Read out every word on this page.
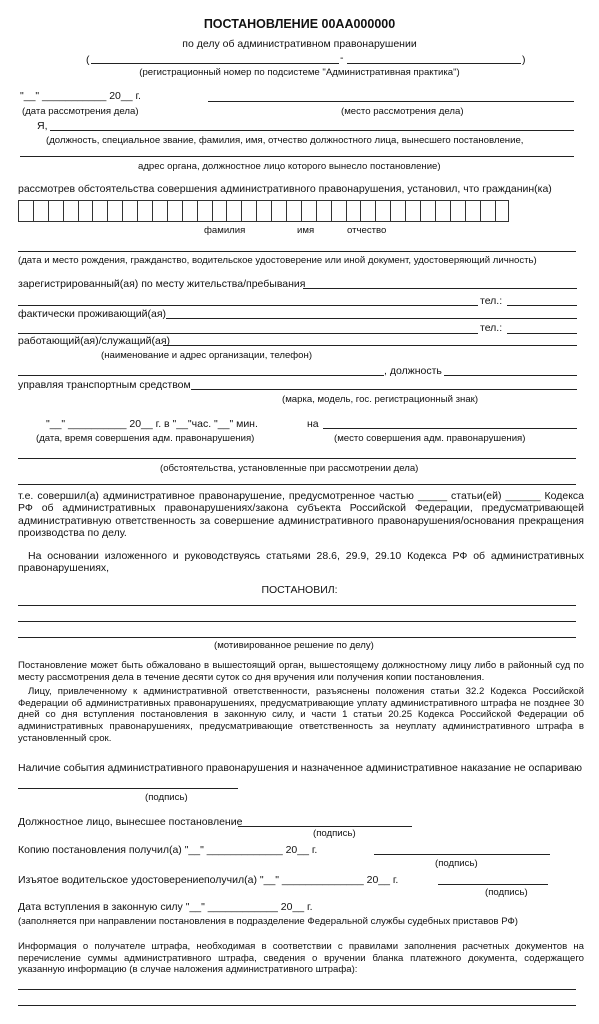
ПОСТАНОВЛЕНИЕ 00АА000000
по делу об административном правонарушении
(	-	)
(регистрационный номер по подсистеме "Административная практика")
"__" ___________ 20__ г.
(дата рассмотрения дела)	(место рассмотрения дела)
Я,
(должность, специальное звание, фамилия, имя, отчество должностного лица, вынесшего постановление,
адрес органа, должностное лицо которого вынесло постановление)
рассмотрев обстоятельства совершения административного правонарушения, установил, что гражданин(ка)
фамилия	имя	отчество
(дата и место рождения, гражданство, водительское удостоверение или иной документ, удостоверяющий личность)
зарегистрированный(ая) по месту жительства/пребывания
тел.:
фактически проживающий(ая)
тел.:
работающий(ая)/служащий(ая)
(наименование и адрес организации, телефон)
, должность
управляя транспортным средством
(марка, модель, гос. регистрационный знак)
"__" __________ 20__ г. в "__"час. "__" мин.	на
(дата, время совершения адм. правонарушения)	(место совершения адм. правонарушения)
(обстоятельства, установленные при рассмотрении дела)
т.е. совершил(а) административное правонарушение, предусмотренное частью _____ статьи(ей) ______ Кодекса РФ об административных правонарушениях/закона субъекта Российской Федерации, предусматривающей административную ответственность за совершение административного правонарушения/основания прекращения производства по делу.
На основании изложенного и руководствуясь статьями 28.6, 29.9, 29.10 Кодекса РФ об административных правонарушениях,
ПОСТАНОВИЛ:
(мотивированное решение по делу)
Постановление может быть обжаловано в вышестоящий орган, вышестоящему должностному лицу либо в районный суд по месту рассмотрения дела в течение десяти суток со дня вручения или получения копии постановления.
Лицу, привлеченному к административной ответственности, разъяснены положения статьи 32.2 Кодекса Российской Федерации об административных правонарушениях, предусматривающие уплату административного штрафа не позднее 30 дней со дня вступления постановления в законную силу, и части 1 статьи 20.25 Кодекса Российской Федерации об административных правонарушениях, предусматривающие ответственность за неуплату административного штрафа в установленный срок.
Наличие события административного правонарушения и назначенное административное наказание не оспариваю
(подпись)
Должностное лицо, вынесшее постановление
(подпись)
Копию постановления получил(а) "__" _____________ 20__ г.
(подпись)
Изъятое водительское удостоверение получил(а) "__" ______________ 20__ г.
(подпись)
Дата вступления в законную силу "__" ____________ 20__ г.
(заполняется при направлении постановления в подразделение Федеральной службы судебных приставов РФ)
Информация о получателе штрафа, необходимая в соответствии с правилами заполнения расчетных документов на перечисление суммы административного штрафа, сведения о вручении бланка платежного документа, содержащего указанную информацию (в случае наложения административного штрафа):
